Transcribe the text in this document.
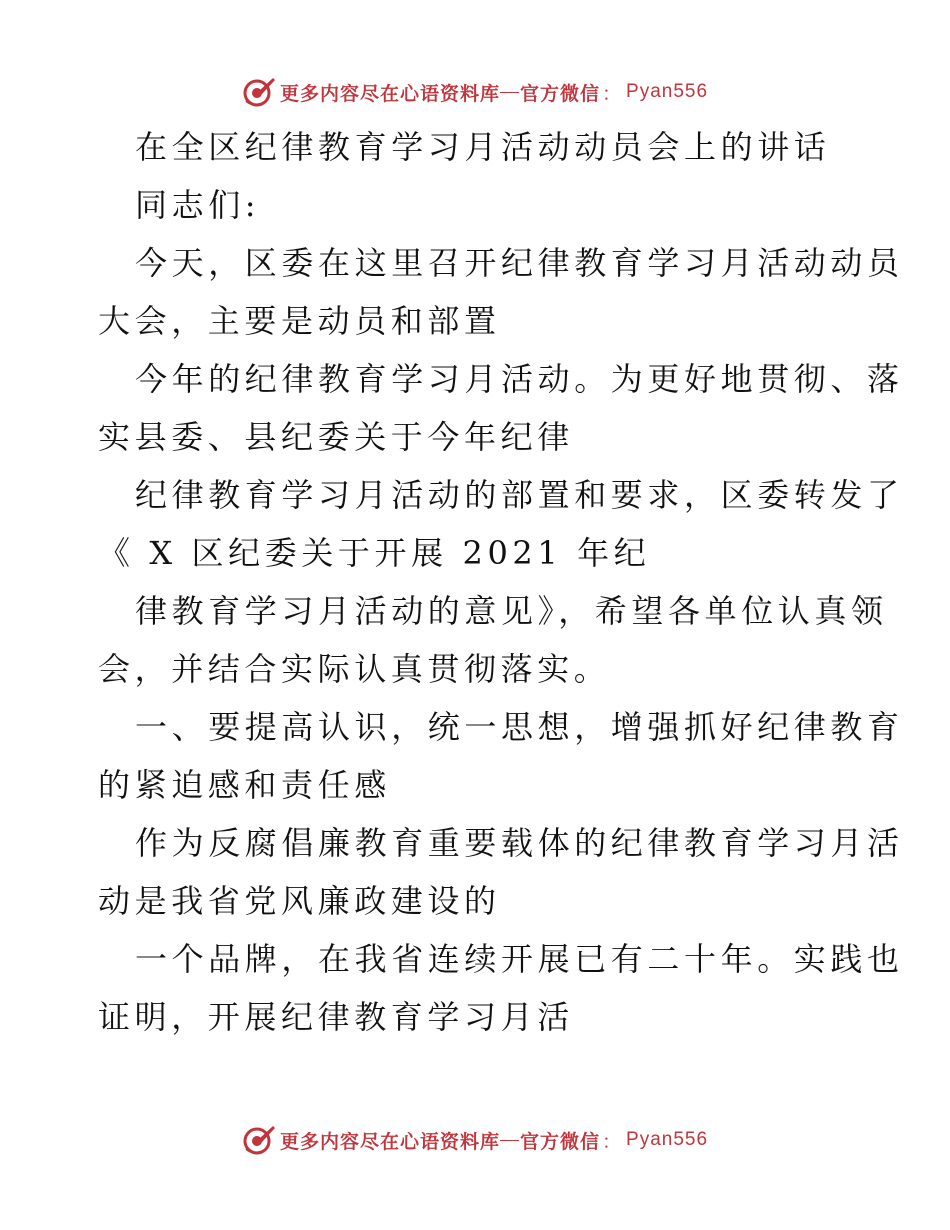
更多内容尽在心语资料库 — 官方微信 ： Pyan556

在全区纪律教育学习月活动动员会上的讲话

同志们:

今天，区委在这里召开纪律教育学习月活动动员

大会，主要是动员和部置

今年的纪律教育学习月活动。为更好地贯彻、落

实县委、县纪委关于今年纪律

纪律教育学习月活动的部置和要求，区委转发了

《 X 区纪委关于开展 2021 年纪

律教育学习月活动的意见》，希望各单位认真领

会，并结合实际认真贯彻落实。

一、要提高认识，统一思想，增强抓好纪律教育

的紧迫感和责任感

作为反腐倡廉教育重要载体的纪律教育学习月活

动是我省党风廉政建设的

一个品牌，在我省连续开展已有二十年。实践也

证明，开展纪律教育学习月活

更多内容尽在心语资料库 — 官方微信 ： Pyan556
